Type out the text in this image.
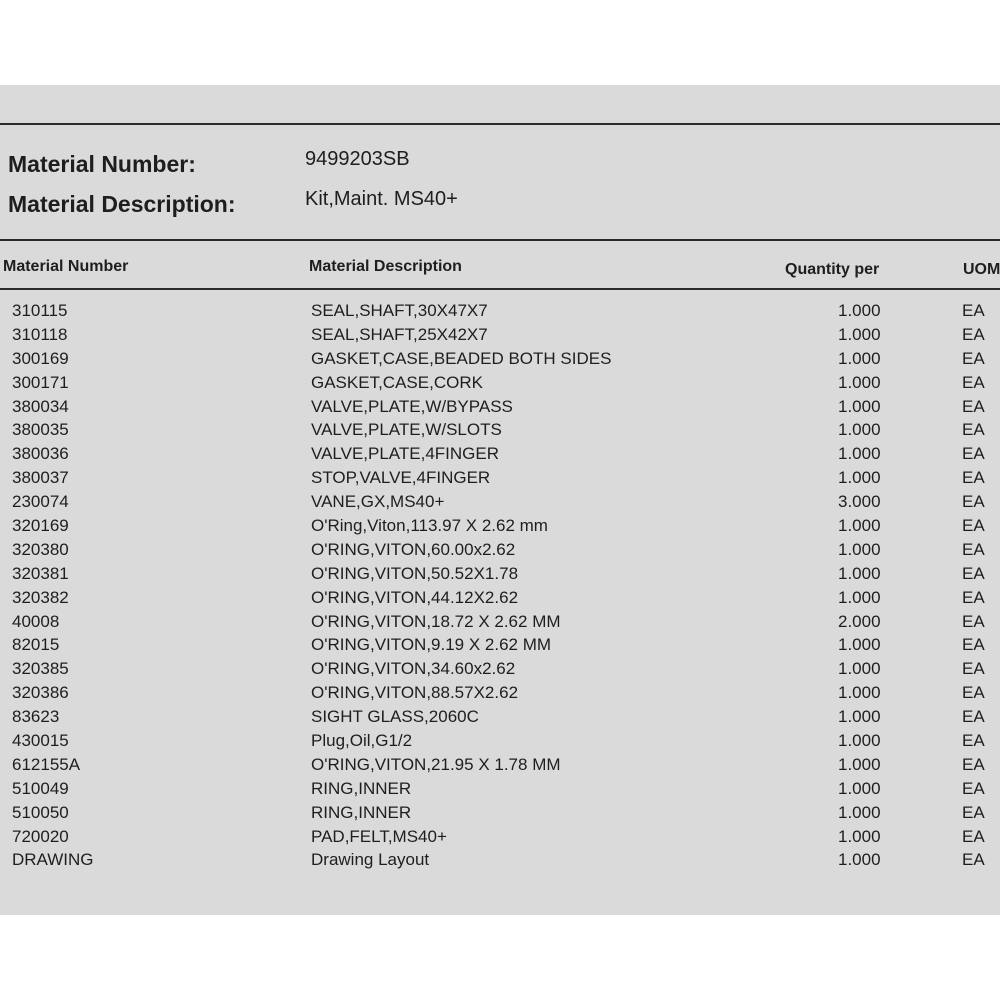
Material Number:	9499203SB
Material Description:	Kit,Maint. MS40+
Material Number	Material Description	Quantity per	UOM
310115	SEAL,SHAFT,30X47X7	1.000	EA
310118	SEAL,SHAFT,25X42X7	1.000	EA
300169	GASKET,CASE,BEADED BOTH SIDES	1.000	EA
300171	GASKET,CASE,CORK	1.000	EA
380034	VALVE,PLATE,W/BYPASS	1.000	EA
380035	VALVE,PLATE,W/SLOTS	1.000	EA
380036	VALVE,PLATE,4FINGER	1.000	EA
380037	STOP,VALVE,4FINGER	1.000	EA
230074	VANE,GX,MS40+	3.000	EA
320169	O'Ring,Viton,113.97 X 2.62 mm	1.000	EA
320380	O'RING,VITON,60.00x2.62	1.000	EA
320381	O'RING,VITON,50.52X1.78	1.000	EA
320382	O'RING,VITON,44.12X2.62	1.000	EA
40008	O'RING,VITON,18.72 X 2.62 MM	2.000	EA
82015	O'RING,VITON,9.19 X 2.62 MM	1.000	EA
320385	O'RING,VITON,34.60x2.62	1.000	EA
320386	O'RING,VITON,88.57X2.62	1.000	EA
83623	SIGHT GLASS,2060C	1.000	EA
430015	Plug,Oil,G1/2	1.000	EA
612155A	O'RING,VITON,21.95 X 1.78 MM	1.000	EA
510049	RING,INNER	1.000	EA
510050	RING,INNER	1.000	EA
720020	PAD,FELT,MS40+	1.000	EA
DRAWING	Drawing Layout	1.000	EA
